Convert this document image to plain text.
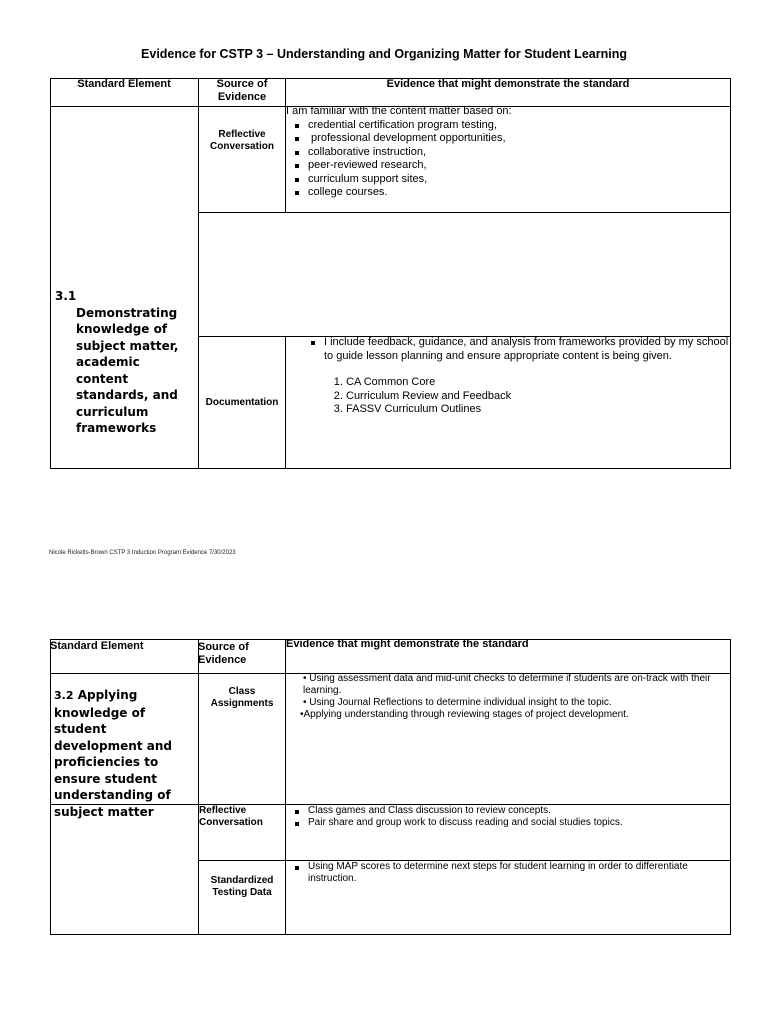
Evidence for CSTP 3 – Understanding and Organizing Matter for Student Learning
Standard Element	Source of Evidence
Evidence that might demonstrate the standard
3.1
Demonstrating knowledge of subject matter, academic content standards, and curriculum frameworks
Reflective Conversation
I am familiar with the content matter based on:
credential certification program testing,
professional development opportunities,
collaborative instruction,
peer-reviewed research,
curriculum support sites,
college courses.
Documentation
I include feedback, guidance, and analysis from frameworks provided by my school to guide lesson planning and ensure appropriate content is being given.
1. CA Common Core
2. Curriculum Review and Feedback
3. FASSV Curriculum Outlines
Nicole Ricketts-Brown CSTP 3 Induction Program Evidence 7/30/2023
Standard Element	Source of Evidence
Evidence that might demonstrate the standard
3.2 Applying knowledge of student development and proficiencies to ensure student understanding of subject matter
Class Assignments
• Using assessment data and mid-unit checks to determine if students are on-track with their learning.
• Using Journal Reflections to determine individual insight to the topic.
•Applying understanding through reviewing stages of project development.
Reflective Conversation
Class games and Class discussion to review concepts.
Pair share and group work to discuss reading and social studies topics.
Standardized Testing Data
Using MAP scores to determine next steps for student learning in order to differentiate instruction.
